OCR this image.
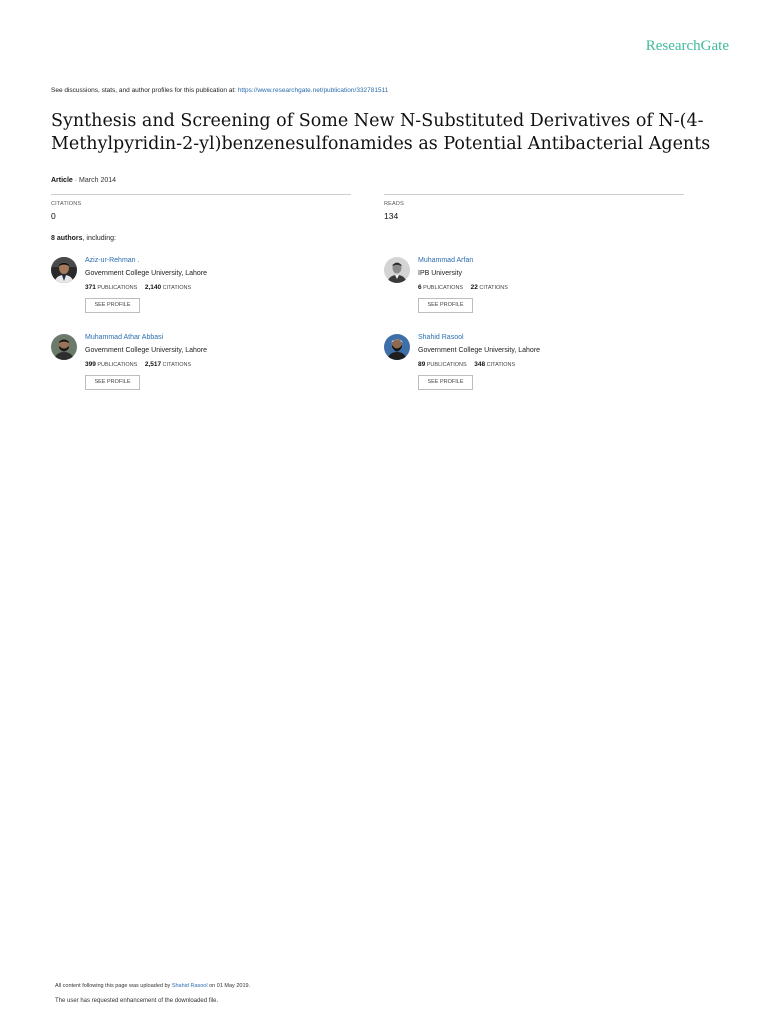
ResearchGate
See discussions, stats, and author profiles for this publication at: https://www.researchgate.net/publication/332781511
Synthesis and Screening of Some New N-Substituted Derivatives of N-(4-Methylpyridin-2-yl)benzenesulfonamides as Potential Antibacterial Agents
Article · March 2014
CITATIONS
0
READS
134
8 authors, including:
Aziz-ur-Rehman .
Government College University, Lahore
371 PUBLICATIONS 2,140 CITATIONS
SEE PROFILE
Muhammad Arfan
IPB University
6 PUBLICATIONS 22 CITATIONS
SEE PROFILE
Muhammad Athar Abbasi
Government College University, Lahore
399 PUBLICATIONS 2,517 CITATIONS
SEE PROFILE
Shahid Rasool
Government College University, Lahore
89 PUBLICATIONS 348 CITATIONS
SEE PROFILE
All content following this page was uploaded by Shahid Rasool on 01 May 2019.
The user has requested enhancement of the downloaded file.
